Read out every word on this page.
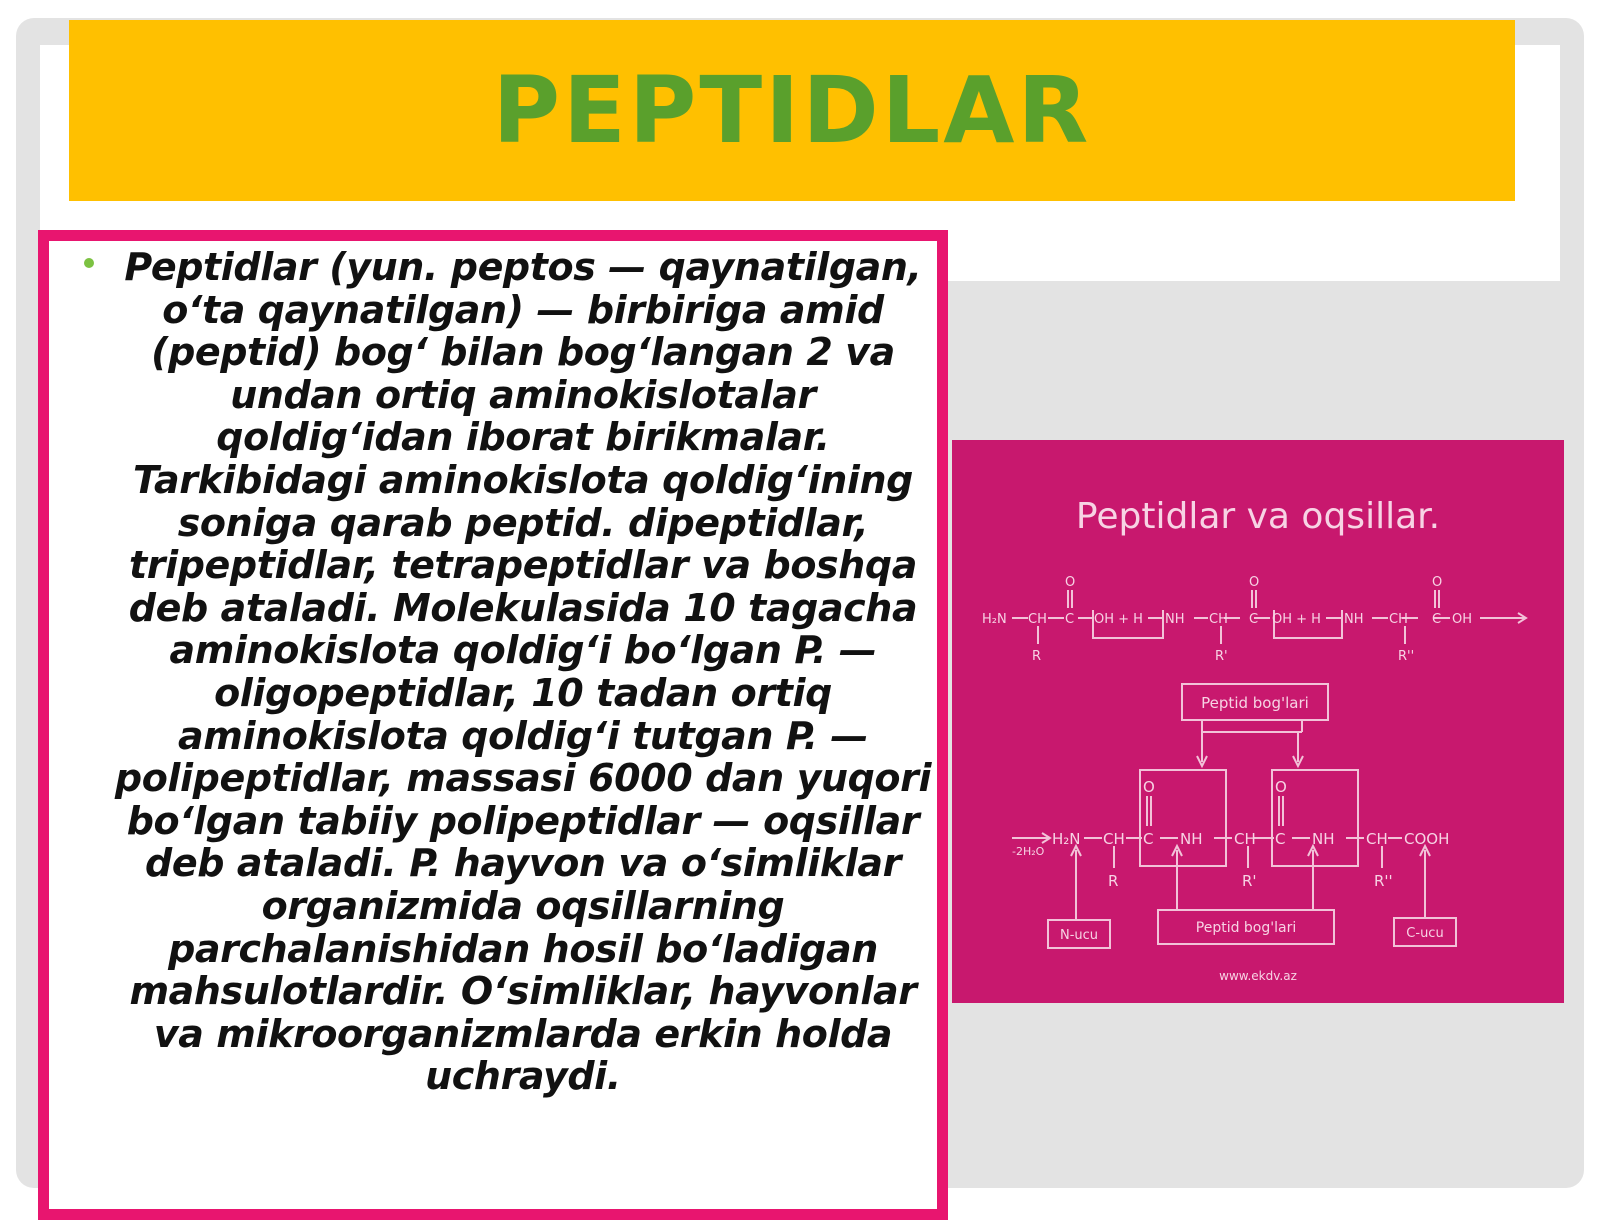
PEPTIDLAR

Peptidlar (yun. peptos — qaynatilgan, o‘ta qaynatilgan) — birbiriga amid (peptid) bog‘ bilan bog‘langan 2 va undan ortiq aminokislotalar qoldig‘idan iborat birikmalar. Tarkibidagi aminokislota qoldig‘ining soniga qarab peptid. dipeptidlar, tripeptidlar, tetrapeptidlar va boshqa deb ataladi. Molekulasida 10 tagacha aminokislota qoldig‘i bo‘lgan P. — oligopeptidlar, 10 tadan ortiq aminokislota qoldig‘i tutgan P. — polipeptidlar, massasi 6000 dan yuqori bo‘lgan tabiiy polipeptidlar — oqsillar deb ataladi. P. hayvon va o‘simliklar organizmida oqsillarning parchalanishidan hosil bo‘ladigan mahsulotlardir. O‘simliklar, hayvonlar va mikroorganizmlarda erkin holda uchraydi.

Peptidlar va oqsillar.
H₂N CH C
O
OH + H NH CH C
O
OH + H NH CH C
O
OH
R	R'	R''
Peptid bog'lari
-2H₂O
H₂N CH C
O
NH CH C
O
NH CH COOH
R	R'	R''
Peptid bog'lari
N-ucu	C-ucu
www.ekdv.az
